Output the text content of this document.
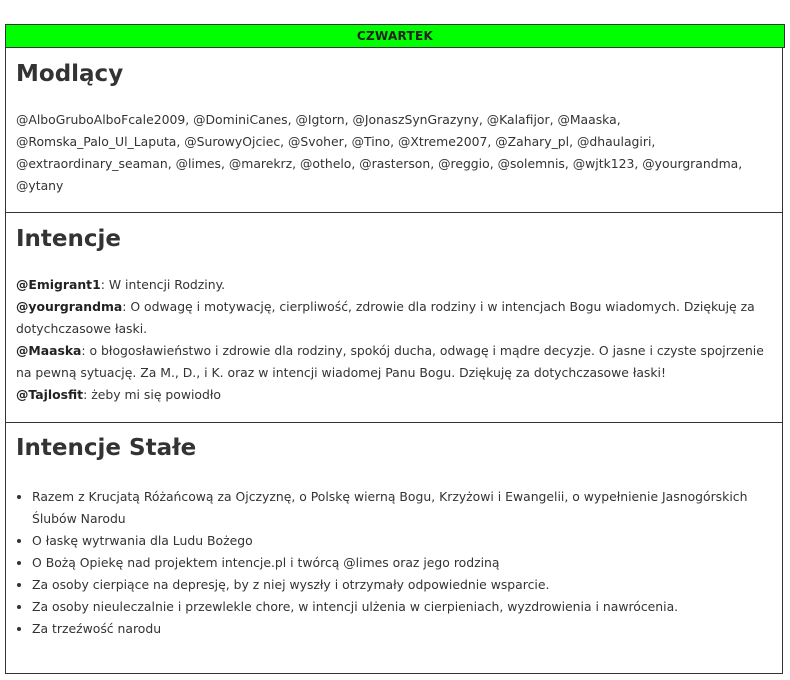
CZWARTEK
Modlący
@AlboGruboAlboFcale2009, @DominiCanes, @Igtorn, @JonaszSynGrazyny, @Kalafijor, @Maaska, @Romska_Palo_Ul_Laputa, @SurowyOjciec, @Svoher, @Tino, @Xtreme2007, @Zahary_pl, @dhaulagiri, @extraordinary_seaman, @limes, @marekrz, @othelo, @rasterson, @reggio, @solemnis, @wjtk123, @yourgrandma, @ytany
Intencje
@Emigrant1: W intencji Rodziny.
@yourgrandma: O odwagę i motywację, cierpliwość, zdrowie dla rodziny i w intencjach Bogu wiadomych. Dziękuję za dotychczasowe łaski.
@Maaska: o błogosławieństwo i zdrowie dla rodziny, spokój ducha, odwagę i mądre decyzje. O jasne i czyste spojrzenie na pewną sytuację. Za M., D., i K. oraz w intencji wiadomej Panu Bogu. Dziękuję za dotychczasowe łaski!
@Tajlosfit: żeby mi się powiodło
Intencje Stałe
• Razem z Krucjatą Różańcową za Ojczyznę, o Polskę wierną Bogu, Krzyżowi i Ewangelii, o wypełnienie Jasnogórskich Ślubów Narodu
• O łaskę wytrwania dla Ludu Bożego
• O Bożą Opiekę nad projektem intencje.pl i twórcą @limes oraz jego rodziną
• Za osoby cierpiące na depresję, by z niej wyszły i otrzymały odpowiednie wsparcie.
• Za osoby nieuleczalnie i przewlekle chore, w intencji ulżenia w cierpieniach, wyzdrowienia i nawrócenia.
• Za trzeźwość narodu
